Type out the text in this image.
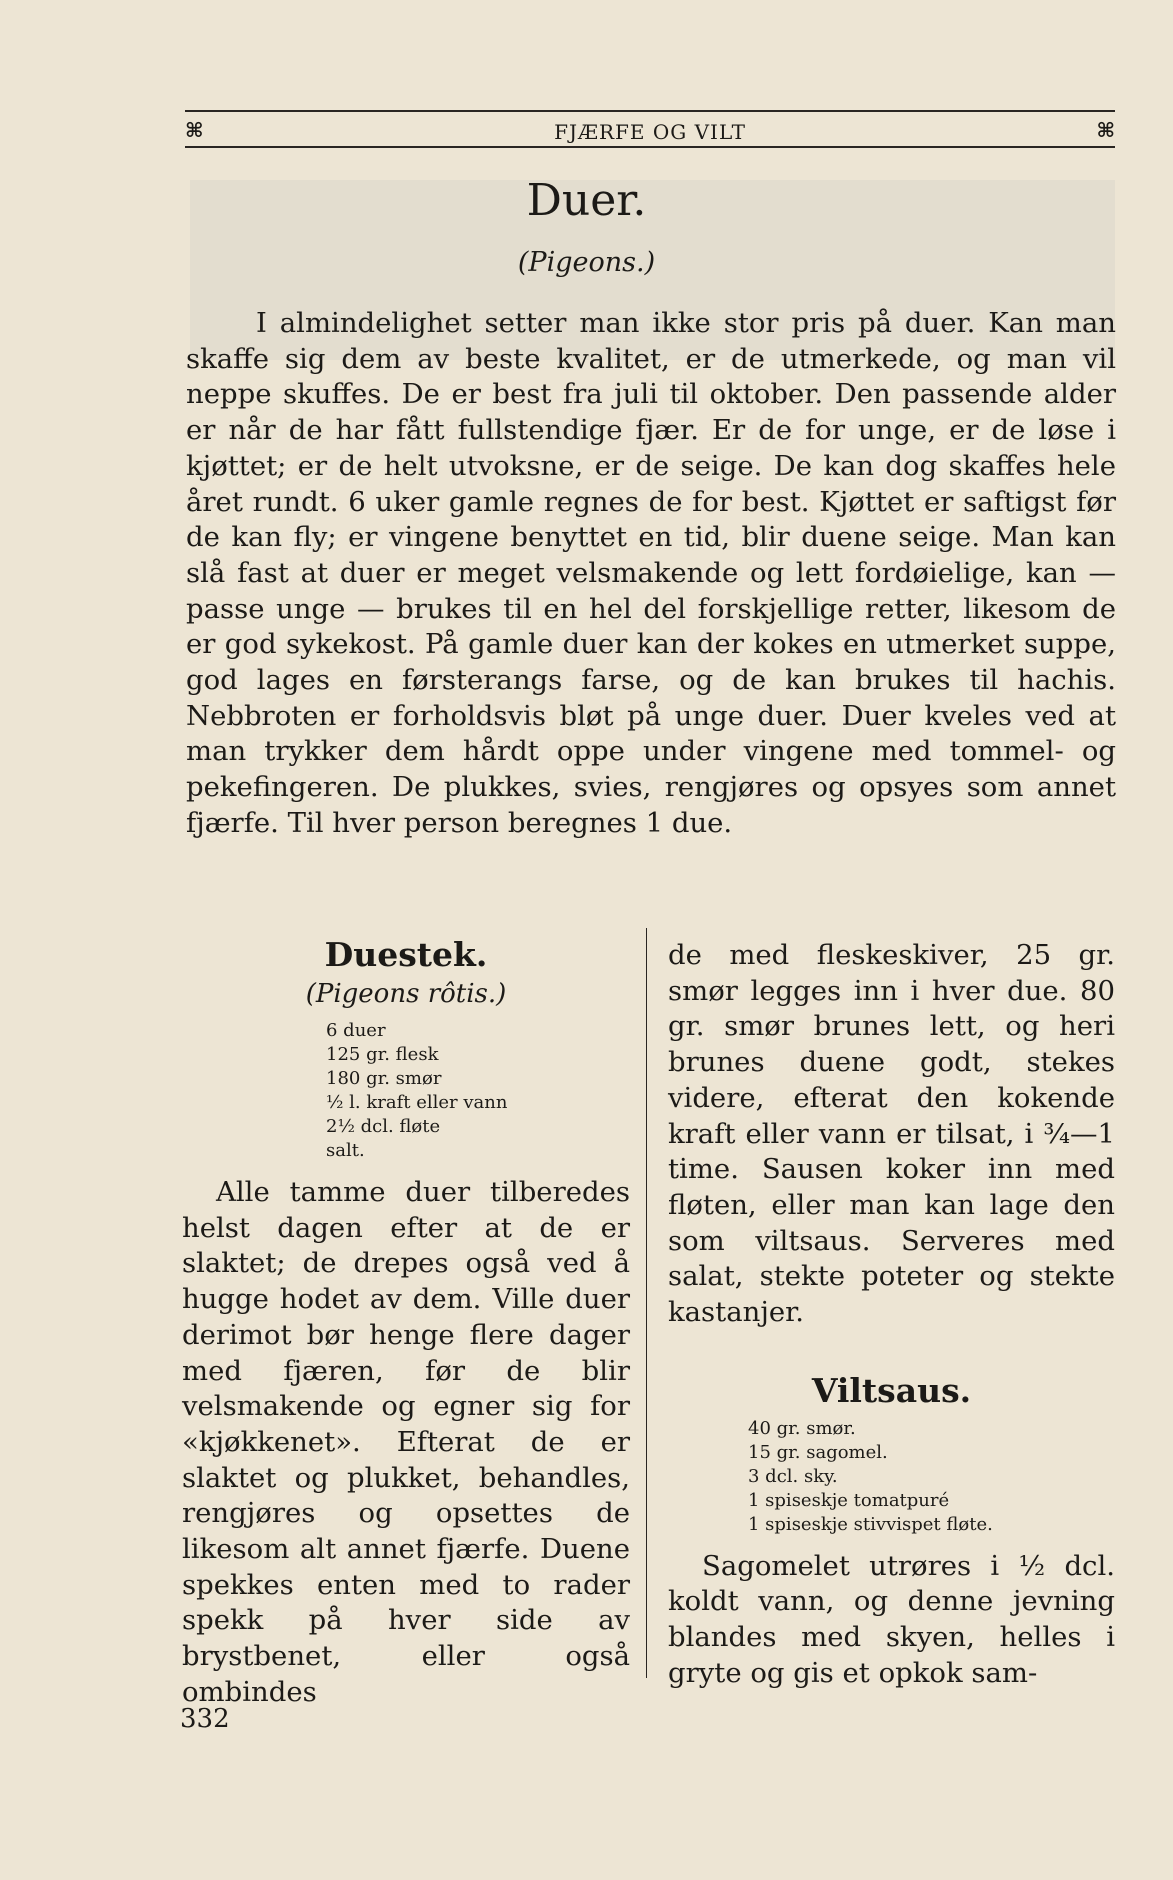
⌘	FJÆRFE OG VILT	⌘
Duer.
(Pigeons.)

I almindelighet setter man ikke stor pris på duer. Kan man skaffe sig dem av beste kvalitet, er de utmerkede, og man vil neppe skuffes. De er best fra juli til oktober. Den passende alder er når de har fått fullstendige fjær. Er de for unge, er de løse i kjøttet; er de helt utvoksne, er de seige. De kan dog skaffes hele året rundt. 6 uker gamle regnes de for best. Kjøttet er saftigst før de kan fly; er vingene benyttet en tid, blir duene seige. Man kan slå fast at duer er meget velsmakende og lett fordøielige, kan — passe unge — brukes til en hel del forskjellige retter, likesom de er god sykekost. På gamle duer kan der kokes en utmerket suppe, god lages en førsterangs farse, og de kan brukes til hachis. Nebbroten er forholdsvis bløt på unge duer. Duer kveles ved at man trykker dem hårdt oppe under vingene med tommel- og pekefingeren. De plukkes, svies, rengjøres og opsyes som annet fjærfe. Til hver person beregnes 1 due.

Duestek.
(Pigeons rôtis.)
6 duer
125 gr. flesk
180 gr. smør
½ l. kraft eller vann
2½ dcl. fløte
salt.

Alle tamme duer tilberedes helst dagen efter at de er slaktet; de drepes også ved å hugge hodet av dem. Ville duer derimot bør henge flere dager med fjæren, før de blir velsmakende og egner sig for «kjøkkenet». Efterat de er slaktet og plukket, behandles, rengjøres og opsettes de likesom alt annet fjærfe. Duene spekkes enten med to rader spekk på hver side av brystbenet, eller også ombindes

de med fleskeskiver, 25 gr. smør legges inn i hver due. 80 gr. smør brunes lett, og heri brunes duene godt, stekes videre, efterat den kokende kraft eller vann er tilsat, i ¾—1 time. Sausen koker inn med fløten, eller man kan lage den som viltsaus. Serveres med salat, stekte poteter og stekte kastanjer.

Viltsaus.
40 gr. smør.
15 gr. sagomel.
3 dcl. sky.
1 spiseskje tomatpuré
1 spiseskje stivvispet fløte.

Sagomelet utrøres i ½ dcl. koldt vann, og denne jevning blandes med skyen, helles i gryte og gis et opkok sam-

332
